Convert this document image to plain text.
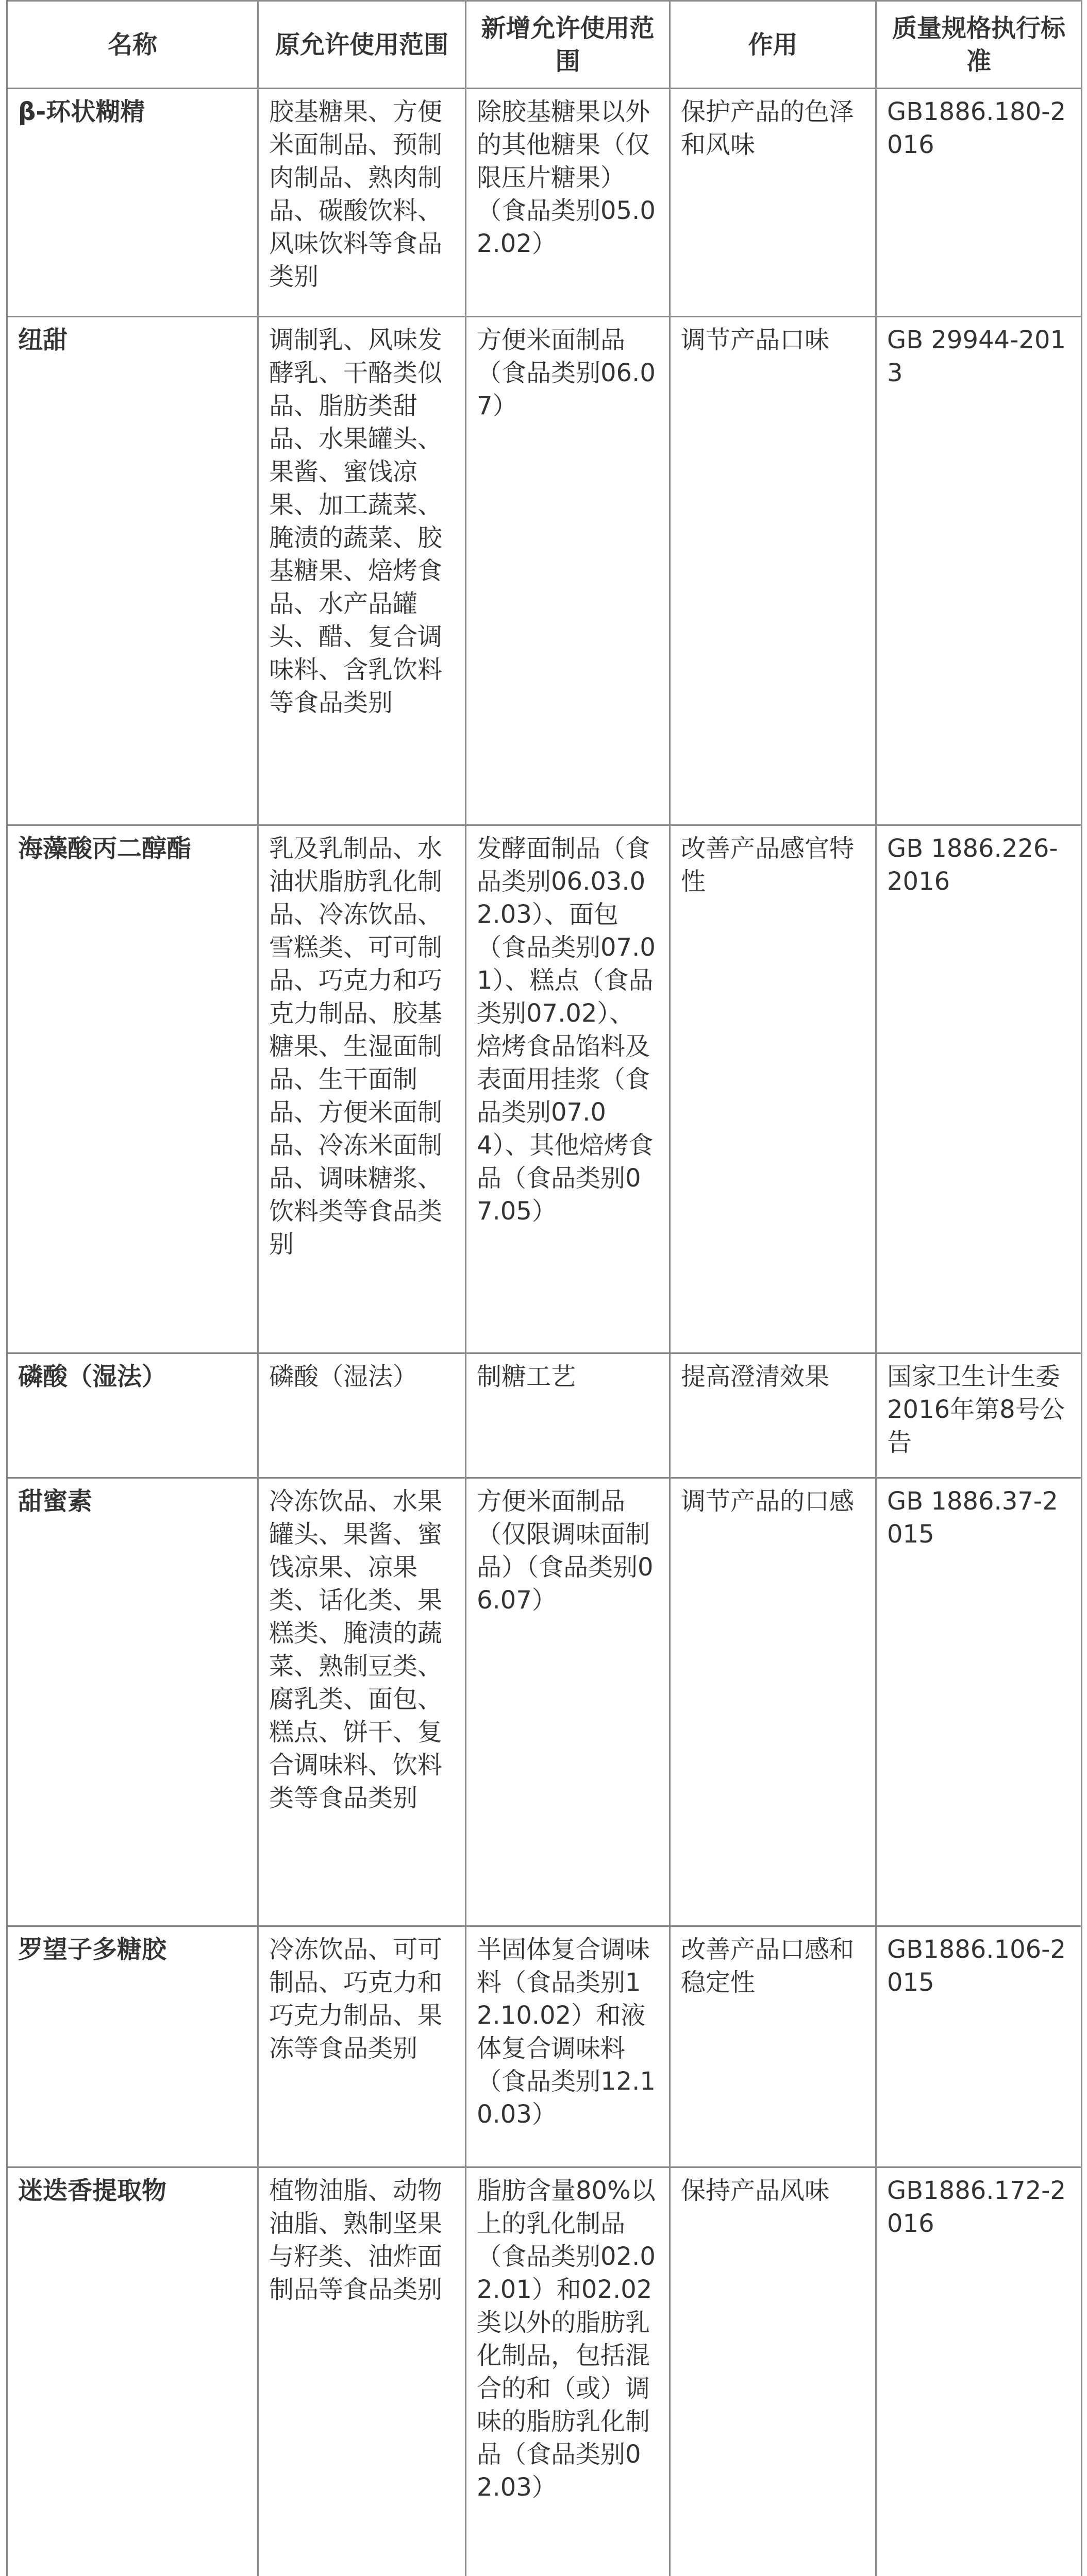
名称	原允许使用范围	新增允许使用范围	作用	质量规格执行标准
β-环状糊精	胶基糖果、方便米面制品、预制肉制品、熟肉制品、碳酸饮料、风味饮料等食品类别	除胶基糖果以外的其他糖果（仅限压片糖果）（食品类别05.02.02）	保护产品的色泽和风味	GB1886.180-2016
纽甜	调制乳、风味发酵乳、干酪类似品、脂肪类甜品、水果罐头、果酱、蜜饯凉果、加工蔬菜、腌渍的蔬菜、胶基糖果、焙烤食品、水产品罐头、醋、复合调味料、含乳饮料等食品类别	方便米面制品（食品类别06.07）	调节产品口味	GB 29944-2013
海藻酸丙二醇酯	乳及乳制品、水油状脂肪乳化制品、冷冻饮品、雪糕类、可可制品、巧克力和巧克力制品、胶基糖果、生湿面制品、生干面制品、方便米面制品、冷冻米面制品、调味糖浆、饮料类等食品类别	发酵面制品（食品类别06.03.02.03）、面包（食品类别07.01）、糕点（食品类别07.02）、焙烤食品馅料及表面用挂浆（食品类别07.04）、其他焙烤食品（食品类别07.05）	改善产品感官特性	GB 1886.226-2016
磷酸（湿法）	磷酸（湿法）	制糖工艺	提高澄清效果	国家卫生计生委2016年第8号公告
甜蜜素	冷冻饮品、水果罐头、果酱、蜜饯凉果、凉果类、话化类、果糕类、腌渍的蔬菜、熟制豆类、腐乳类、面包、糕点、饼干、复合调味料、饮料类等食品类别	方便米面制品（仅限调味面制品）（食品类别06.07）	调节产品的口感	GB 1886.37-2015
罗望子多糖胶	冷冻饮品、可可制品、巧克力和巧克力制品、果冻等食品类别	半固体复合调味料（食品类别12.10.02）和液体复合调味料（食品类别12.10.03）	改善产品口感和稳定性	GB1886.106-2015
迷迭香提取物	植物油脂、动物油脂、熟制坚果与籽类、油炸面制品等食品类别	脂肪含量80%以上的乳化制品（食品类别02.02.01）和02.02类以外的脂肪乳化制品，包括混合的和（或）调味的脂肪乳化制品（食品类别02.03）	保持产品风味	GB1886.172-2016
